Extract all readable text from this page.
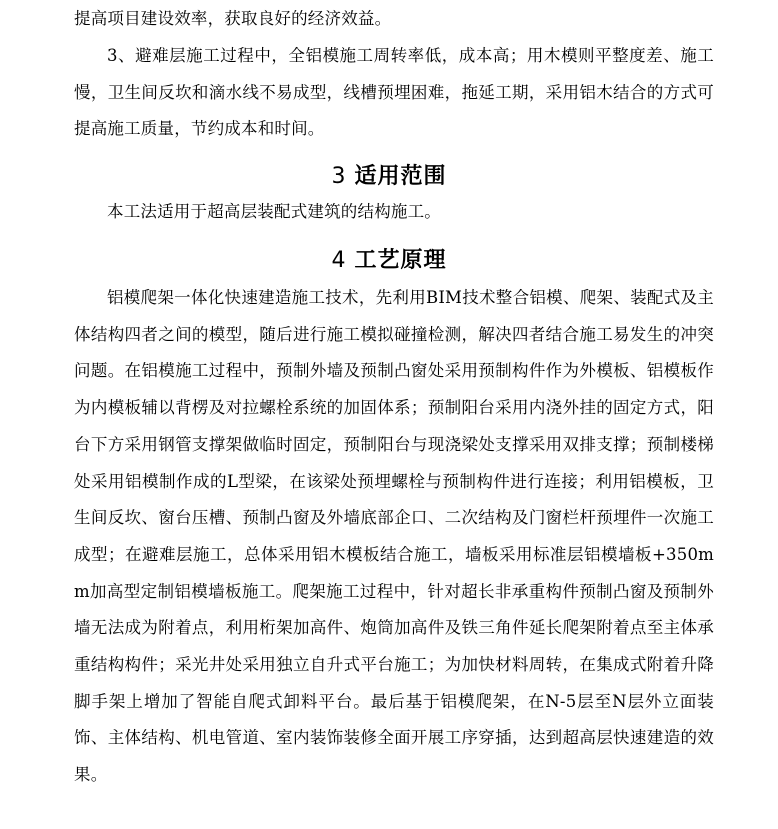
提高项目建设效率，获取良好的经济效益。
3、避难层施工过程中，全铝模施工周转率低，成本高；用木模则平整度差、施工慢，卫生间反坎和滴水线不易成型，线槽预埋困难，拖延工期，采用铝木结合的方式可提高施工质量，节约成本和时间。
3 适用范围
本工法适用于超高层装配式建筑的结构施工。
4 工艺原理
铝模爬架一体化快速建造施工技术，先利用BIM技术整合铝模、爬架、装配式及主体结构四者之间的模型，随后进行施工模拟碰撞检测，解决四者结合施工易发生的冲突问题。在铝模施工过程中，预制外墙及预制凸窗处采用预制构件作为外模板、铝模板作为内模板辅以背楞及对拉螺栓系统的加固体系；预制阳台采用内浇外挂的固定方式，阳台下方采用钢管支撑架做临时固定，预制阳台与现浇梁处支撑采用双排支撑；预制楼梯处采用铝模制作成的L型梁，在该梁处预埋螺栓与预制构件进行连接；利用铝模板，卫生间反坎、窗台压槽、预制凸窗及外墙底部企口、二次结构及门窗栏杆预埋件一次施工成型；在避难层施工，总体采用铝木模板结合施工，墙板采用标准层铝模墙板+350mm加高型定制铝模墙板施工。爬架施工过程中，针对超长非承重构件预制凸窗及预制外墙无法成为附着点，利用桁架加高件、炮筒加高件及铁三角件延长爬架附着点至主体承重结构构件；采光井处采用独立自升式平台施工；为加快材料周转，在集成式附着升降脚手架上增加了智能自爬式卸料平台。最后基于铝模爬架，在N-5层至N层外立面装饰、主体结构、机电管道、室内装饰装修全面开展工序穿插，达到超高层快速建造的效果。
